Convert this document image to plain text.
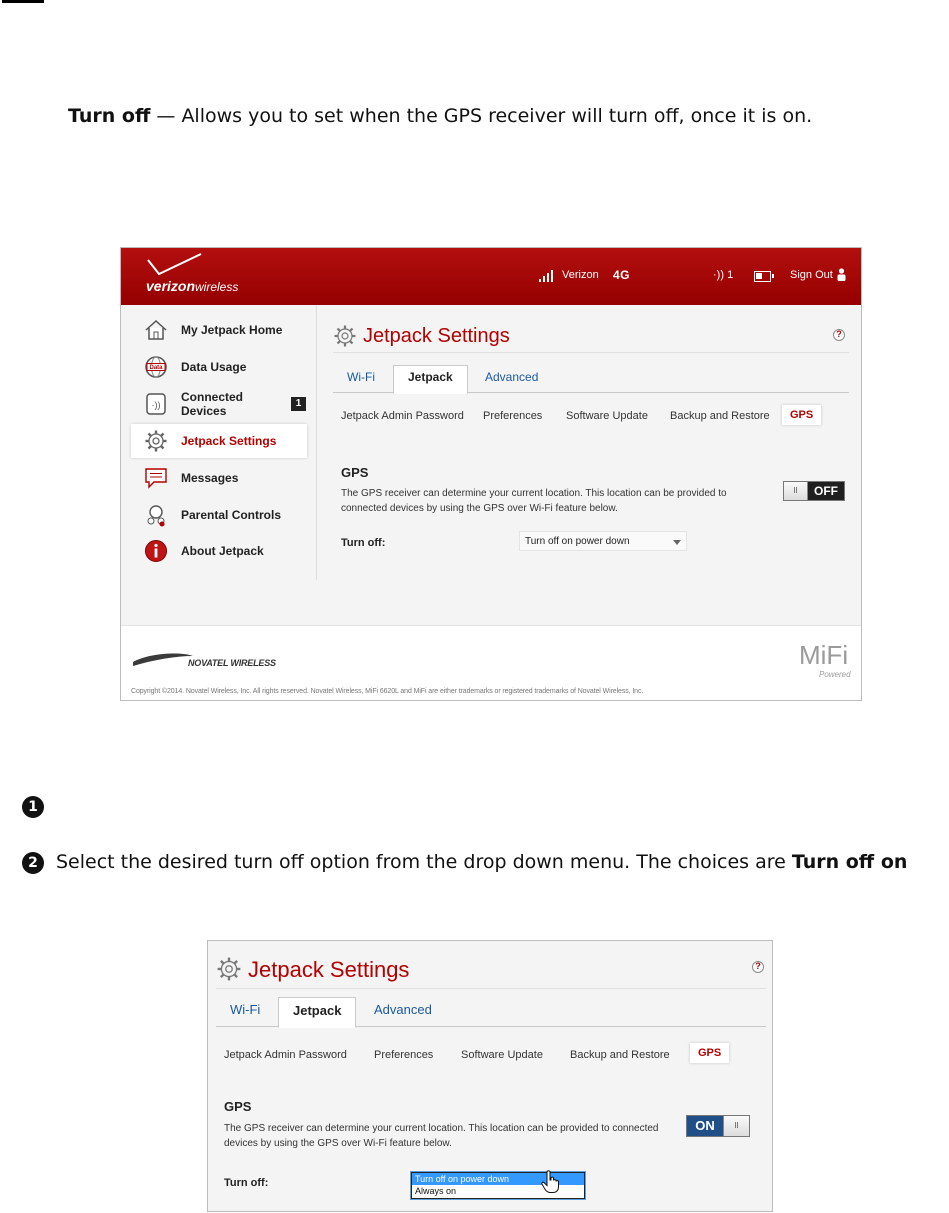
Turn off — Allows you to set when the GPS receiver will turn off, once it is on.
verizonwireless
Verizon 4G	·)) 1	Sign Out
My Jetpack Home
Data Data Usage
·))
Connected Devices
1
Jetpack Settings
Messages
Parental Controls
About Jetpack
Jetpack Settings	?
Wi-Fi	Jetpack	Advanced
Jetpack Admin Password Preferences Software Update Backup and Restore	GPS
GPS
The GPS receiver can determine your current location. This location can be provided to connected devices by using the GPS over Wi-Fi feature below.
II	OFF
Turn off:	Turn off on power down
NOVATEL WIRELESS	MiFi
Powered
Copyright ©2014. Novatel Wireless, Inc. All rights reserved. Novatel Wireless, MiFi 6620L and MiFi are either trademarks or registered trademarks of Novatel Wireless, Inc.
1
2 Select the desired turn off option from the drop down menu. The choices are Turn off on
Jetpack Settings	?
Wi-Fi	Jetpack	Advanced
Jetpack Admin Password Preferences	Software Update Backup and Restore	GPS
GPS
The GPS receiver can determine your current location. This location can be provided to connected devices by using the GPS over Wi-Fi feature below.
ON	II
Turn off:	Turn off on power down
Always on
